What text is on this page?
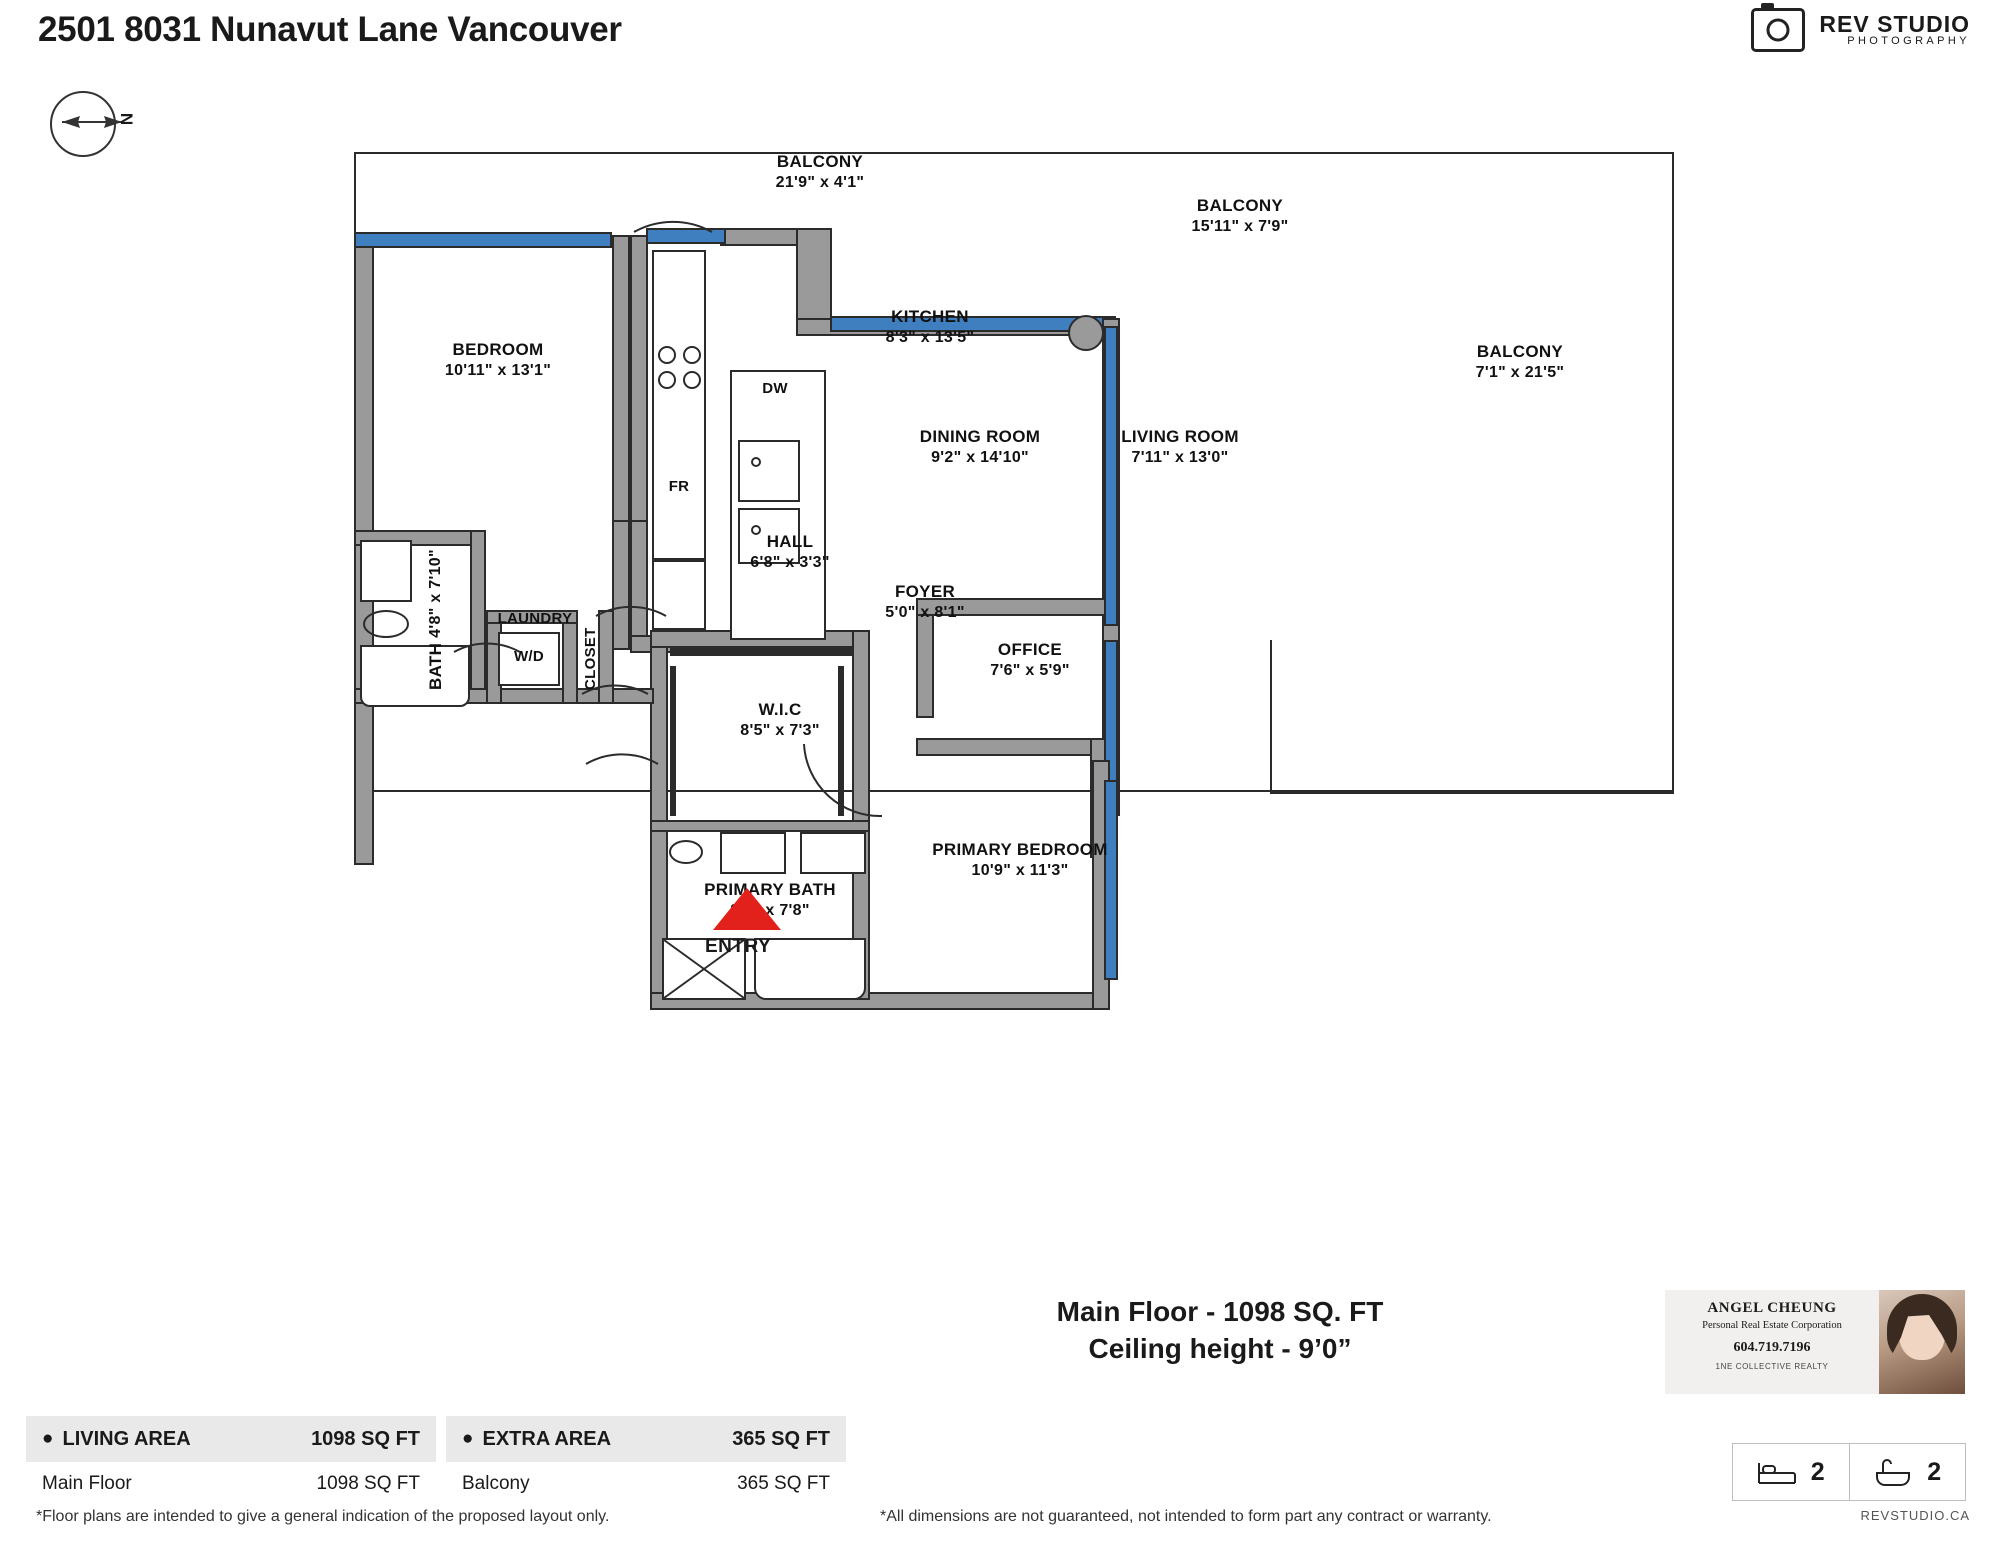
2501 8031 Nunavut Lane Vancouver	REV STUDIO
PHOTOGRAPHY
N
BALCONY
21'9" x 4'1"
BALCONY
15'11" x 7'9"
BALCONY
7'1" x 21'5"
BEDROOM
10'11" x 13'1"
KITCHEN
8'3" x 13'5"
DINING ROOM
9'2" x 14'10"
LIVING ROOM
7'11" x 13'0"
BATH 4'8" x 7'10"
HALL
6'8" x 3'3"
FOYER
5'0" x 8'1"
LAUNDRY
CLOSET	OFFICE
7'6" x 5'9"
W.I.C
8'5" x 7'3"
PRIMARY BATH
8'5" x 7'8"
PRIMARY BEDROOM
10'9" x 11'3"
DW
FR
W/D
ENTRY
Main Floor - 1098 SQ. FT
Ceiling height - 9’0”
● LIVING AREA	1098 SQ FT
Main Floor	1098 SQ FT
● EXTRA AREA	365 SQ FT
Balcony	365 SQ FT
*Floor plans are intended to give a general indication of the proposed layout only.	*All dimensions are not guaranteed, not intended to form part any contract or warranty.
ANGEL CHEUNG
Personal Real Estate Corporation
604.719.7196
1NE COLLECTIVE REALTY
2	2
REVSTUDIO.CA
